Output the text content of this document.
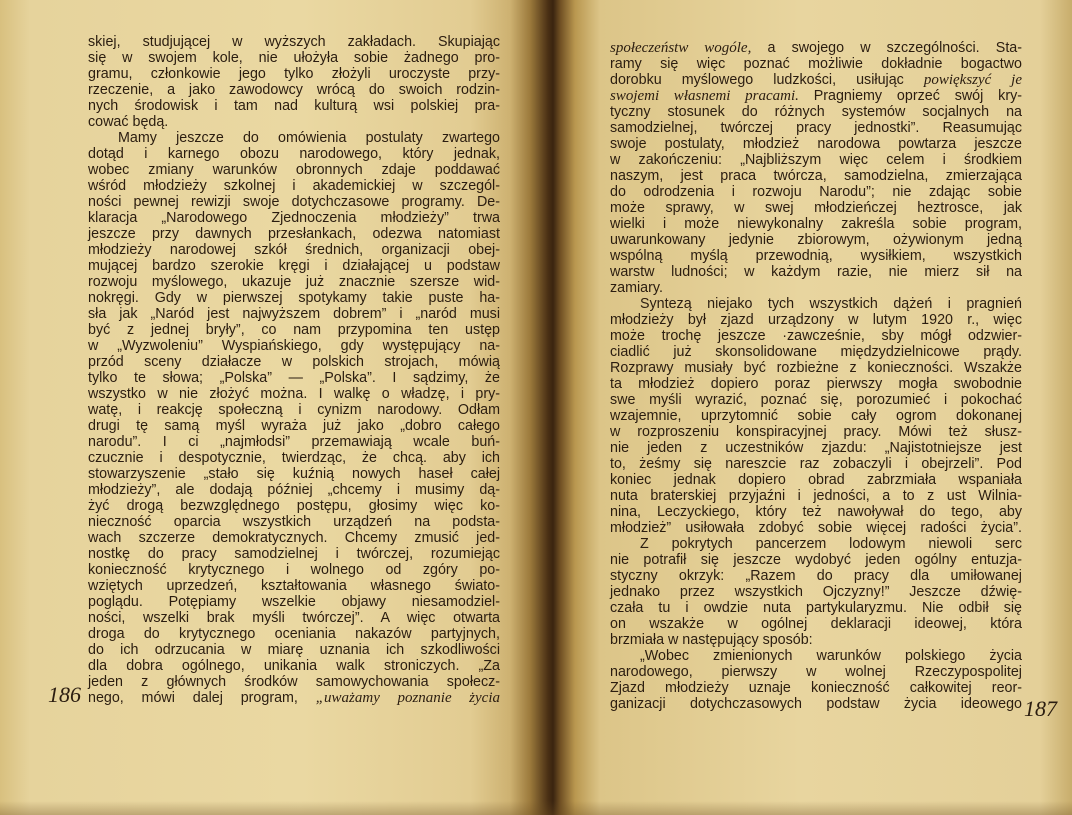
skiej, studjującej w wyższych zakładach. Skupiając
się w swojem kole, nie ułożyła sobie żadnego pro-
gramu, członkowie jego tylko złożyli uroczyste przy-
rzeczenie, a jako zawodowcy wrócą do swoich rodzin-
nych środowisk i tam nad kulturą wsi polskiej pra-
cować będą.
Mamy jeszcze do omówienia postulaty zwartego
dotąd i karnego obozu narodowego, który jednak,
wobec zmiany warunków obronnych zdaje poddawać
wśród młodzieży szkolnej i akademickiej w szczegól-
ności pewnej rewizji swoje dotychczasowe programy. De-
klaracja „Narodowego Zjednoczenia młodzieży” trwa
jeszcze przy dawnych przesłankach, odezwa natomiast
młodzieży narodowej szkół średnich, organizacji obej-
mującej bardzo szerokie kręgi i działającej u podstaw
rozwoju myślowego, ukazuje już znacznie szersze wid-
nokręgi. Gdy w pierwszej spotykamy takie puste ha-
sła jak „Naród jest najwyższem dobrem” i „naród musi
być z jednej bryły”, co nam przypomina ten ustęp
w „Wyzwoleniu” Wyspiańskiego, gdy występujący na-
przód sceny działacze w polskich strojach, mówią
tylko te słowa; „Polska” — „Polska”. I sądzimy, że
wszystko w nie złożyć można. I walkę o władzę, i pry-
watę, i reakcję społeczną i cynizm narodowy. Odłam
drugi tę samą myśl wyraża już jako „dobro całego
narodu”. I ci „najmłodsi” przemawiają wcale buń-
czucznie i despotycznie, twierdząc, że chcą. aby ich
stowarzyszenie „stało się kuźnią nowych haseł całej
młodzieży”, ale dodają później „chcemy i musimy dą-
żyć drogą bezwzględnego postępu, głosimy więc ko-
nieczność oparcia wszystkich urządzeń na podsta-
wach szczerze demokratycznych. Chcemy zmusić jed-
nostkę do pracy samodzielnej i twórczej, rozumiejąc
konieczność krytycznego i wolnego od zgóry po-
wziętych uprzedzeń, kształtowania własnego świato-
poglądu. Potępiamy wszelkie objawy niesamodziel-
ności, wszelki brak myśli twórczej”. A więc otwarta
droga do krytycznego oceniania nakazów partyjnych,
do ich odrzucania w miarę uznania ich szkodliwości
dla dobra ogólnego, unikania walk stroniczych. „Za
jeden z głównych środków samowychowania społecz-
nego, mówi dalej program, „uważamy poznanie życia
186
społeczeństw wogóle, a swojego w szczególności. Sta-
ramy się więc poznać możliwie dokładnie bogactwo
dorobku myślowego ludzkości, usiłując powiększyć je
swojemi własnemi pracami. Pragniemy oprzeć swój kry-
tyczny stosunek do różnych systemów socjalnych na
samodzielnej, twórczej pracy jednostki”. Reasumując
swoje postulaty, młodzież narodowa powtarza jeszcze
w zakończeniu: „Najbliższym więc celem i środkiem
naszym, jest praca twórcza, samodzielna, zmierzająca
do odrodzenia i rozwoju Narodu”; nie zdając sobie
może sprawy, w swej młodzieńczej heztrosce, jak
wielki i może niewykonalny zakreśla sobie program,
uwarunkowany jedynie zbiorowym, ożywionym jedną
wspólną myślą przewodnią, wysiłkiem, wszystkich
warstw ludności; w każdym razie, nie mierz sił na
zamiary.
Syntezą niejako tych wszystkich dążeń i pragnień
młodzieży był zjazd urządzony w lutym 1920 r., więc
może trochę jeszcze ·zawcześnie, sby mógł odzwier-
ciadlić już skonsolidowane międzydzielnicowe prądy.
Rozprawy musiały być rozbieżne z konieczności. Wszakże
ta młodzież dopiero poraz pierwszy mogła swobodnie
swe myśli wyrazić, poznać się, porozumieć i pokochać
wzajemnie, uprzytomnić sobie cały ogrom dokonanej
w rozproszeniu konspiracyjnej pracy. Mówi też słusz-
nie jeden z uczestników zjazdu: „Najistotniejsze jest
to, żeśmy się nareszcie raz zobaczyli i obejrzeli”. Pod
koniec jednak dopiero obrad zabrzmiała wspaniała
nuta braterskiej przyjaźni i jedności, a to z ust Wilnia-
nina, Leczyckiego, który też nawoływał do tego, aby
młodzież” usiłowała zdobyć sobie więcej radości życia”.
Z pokrytych pancerzem lodowym niewoli serc
nie potrafił się jeszcze wydobyć jeden ogólny entuzja-
styczny okrzyk: „Razem do pracy dla umiłowanej
jednako przez wszystkich Ojczyzny!” Jeszcze dźwię-
czała tu i owdzie nuta partykularyzmu. Nie odbił się
on wszakże w ogólnej deklaracji ideowej, która
brzmiała w następujący sposób:
„Wobec zmienionych warunków polskiego życia
narodowego, pierwszy w wolnej Rzeczypospolitej
Zjazd młodzieży uznaje konieczność całkowitej reor-
ganizacji dotychczasowych podstaw życia ideowego 187
